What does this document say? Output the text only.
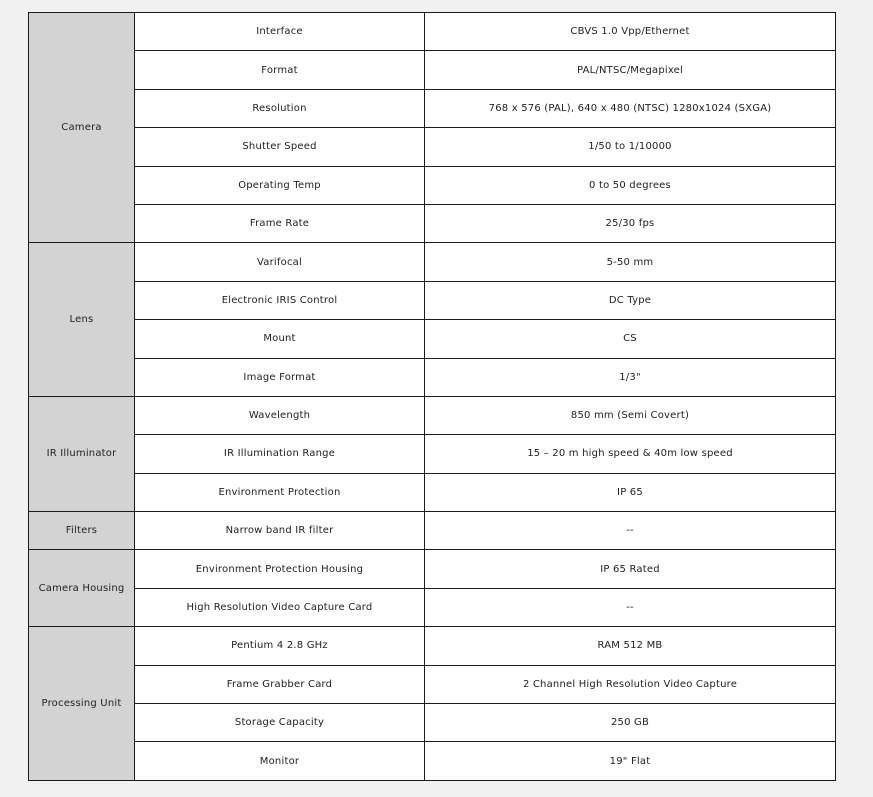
Camera	Interface	CBVS 1.0 Vpp/Ethernet
	Format	PAL/NTSC/Megapixel
	Resolution	768 x 576 (PAL), 640 x 480 (NTSC) 1280x1024 (SXGA)
	Shutter Speed	1/50 to 1/10000
	Operating Temp	0 to 50 degrees
	Frame Rate	25/30 fps
Lens	Varifocal	5-50 mm
	Electronic IRIS Control	DC Type
	Mount	CS
	Image Format	1/3"
IR Illuminator	Wavelength	850 mm (Semi Covert)
	IR Illumination Range	15 – 20 m high speed & 40m low speed
	Environment Protection	IP 65
Filters	Narrow band IR filter	--
Camera Housing	Environment Protection Housing	IP 65 Rated
	High Resolution Video Capture Card	--
Processing Unit	Pentium 4 2.8 GHz	RAM 512 MB
	Frame Grabber Card	2 Channel High Resolution Video Capture
	Storage Capacity	250 GB
	Monitor	19" Flat
